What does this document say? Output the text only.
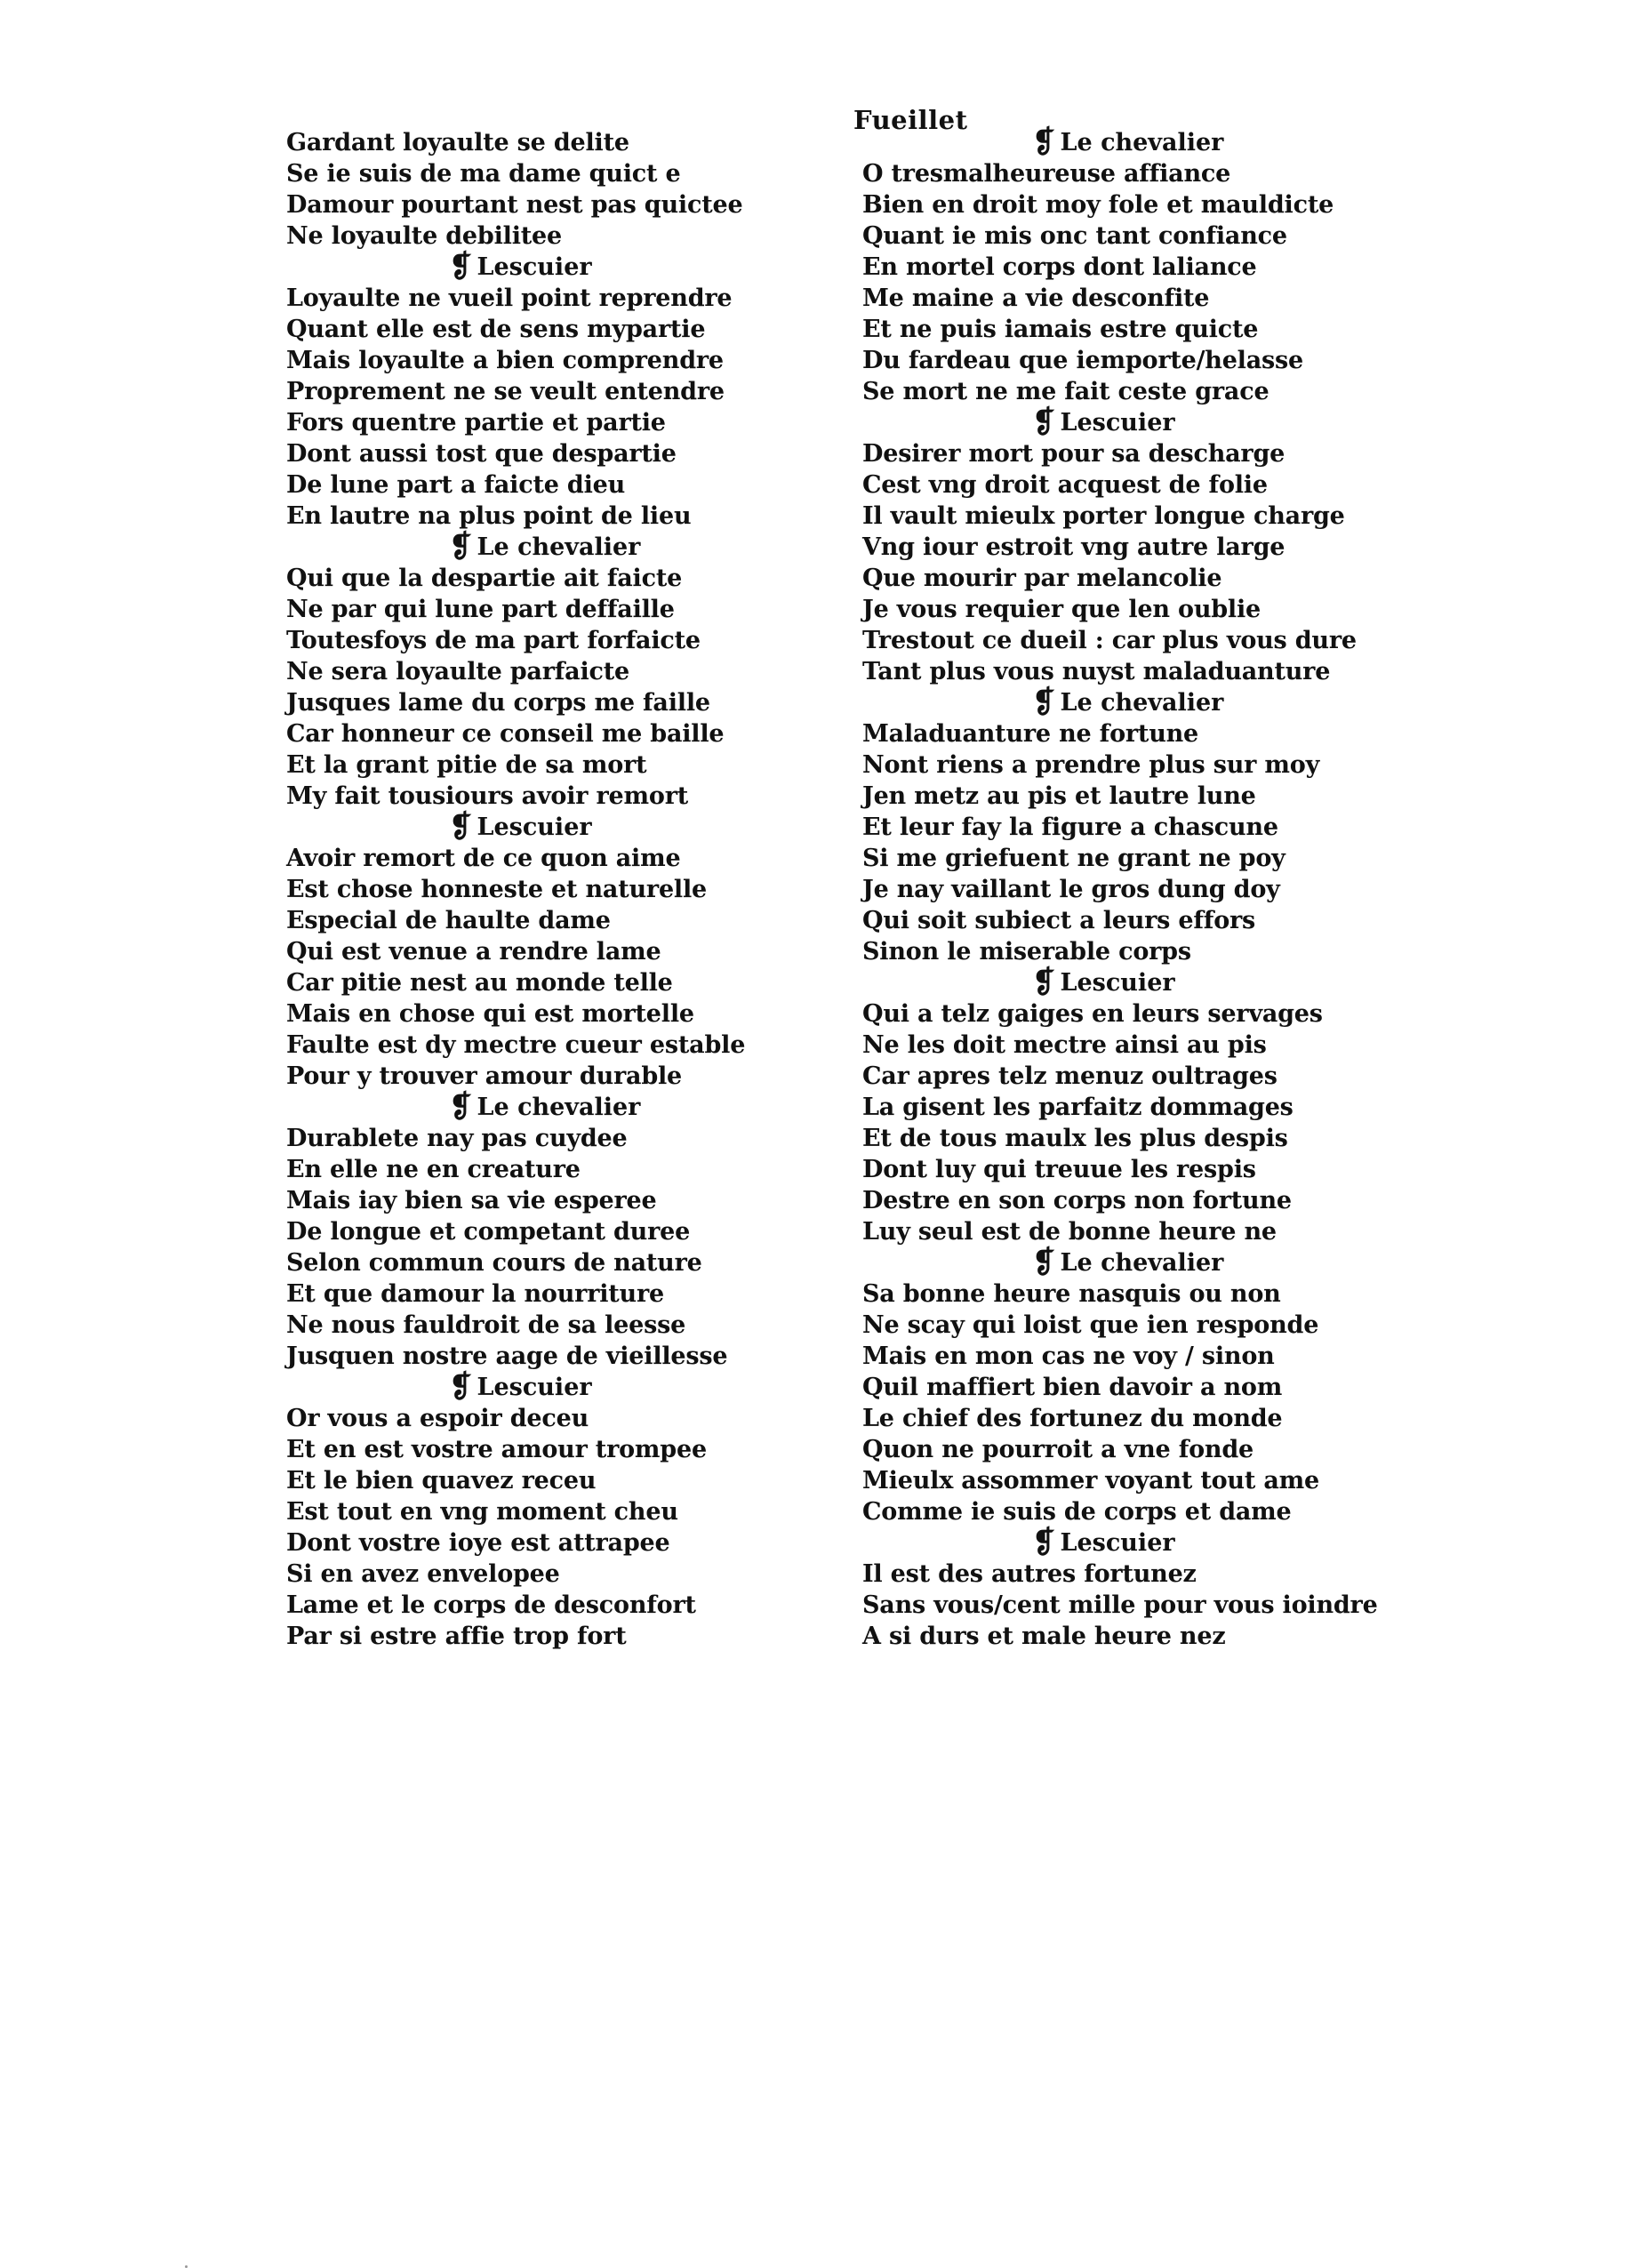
Fueillet
Gardant loyaulte se delite
Se ie suis de ma dame quict e
Damour pourtant nest pas quictee
Ne loyaulte debilitee
❡ Lescuier
Loyaulte ne vueil point reprendre
Quant elle est de sens mypartie
Mais loyaulte a bien comprendre
Proprement ne se veult entendre
Fors quentre partie et partie
Dont aussi tost que despartie
De lune part a faicte dieu
En lautre na plus point de lieu
❡ Le chevalier
Qui que la despartie ait faicte
Ne par qui lune part deffaille
Toutesfoys de ma part forfaicte
Ne sera loyaulte parfaicte
Jusques lame du corps me faille
Car honneur ce conseil me baille
Et la grant pitie de sa mort
My fait tousiours avoir remort
❡ Lescuier
Avoir remort de ce quon aime
Est chose honneste et naturelle
Especial de haulte dame
Qui est venue a rendre lame
Car pitie nest au monde telle
Mais en chose qui est mortelle
Faulte est dy mectre cueur estable
Pour y trouver amour durable
❡ Le chevalier
Durablete nay pas cuydee
En elle ne en creature
Mais iay bien sa vie esperee
De longue et competant duree
Selon commun cours de nature
Et que damour la nourriture
Ne nous fauldroit de sa leesse
Jusquen nostre aage de vieillesse
❡ Lescuier
Or vous a espoir deceu
Et en est vostre amour trompee
Et le bien quavez receu
Est tout en vng moment cheu
Dont vostre ioye est attrapee
Si en avez envelopee
Lame et le corps de desconfort
Par si estre affie trop fort
❡ Le chevalier
O tresmalheureuse affiance
Bien en droit moy fole et mauldicte
Quant ie mis onc tant confiance
En mortel corps dont laliance
Me maine a vie desconfite
Et ne puis iamais estre quicte
Du fardeau que iemporte/helasse
Se mort ne me fait ceste grace
❡ Lescuier
Desirer mort pour sa descharge
Cest vng droit acquest de folie
Il vault mieulx porter longue charge
Vng iour estroit vng autre large
Que mourir par melancolie
Je vous requier que len oublie
Trestout ce dueil : car plus vous dure
Tant plus vous nuyst maladuanture
❡ Le chevalier
Maladuanture ne fortune
Nont riens a prendre plus sur moy
Jen metz au pis et lautre lune
Et leur fay la figure a chascune
Si me griefuent ne grant ne poy
Je nay vaillant le gros dung doy
Qui soit subiect a leurs effors
Sinon le miserable corps
❡ Lescuier
Qui a telz gaiges en leurs servages
Ne les doit mectre ainsi au pis
Car apres telz menuz oultrages
La gisent les parfaitz dommages
Et de tous maulx les plus despis
Dont luy qui treuue les respis
Destre en son corps non fortune
Luy seul est de bonne heure ne
❡ Le chevalier
Sa bonne heure nasquis ou non
Ne scay qui loist que ien responde
Mais en mon cas ne voy / sinon
Quil maffiert bien davoir a nom
Le chief des fortunez du monde
Quon ne pourroit a vne fonde
Mieulx assommer voyant tout ame
Comme ie suis de corps et dame
❡ Lescuier
Il est des autres fortunez
Sans vous/cent mille pour vous ioindre
A si durs et male heure nez
